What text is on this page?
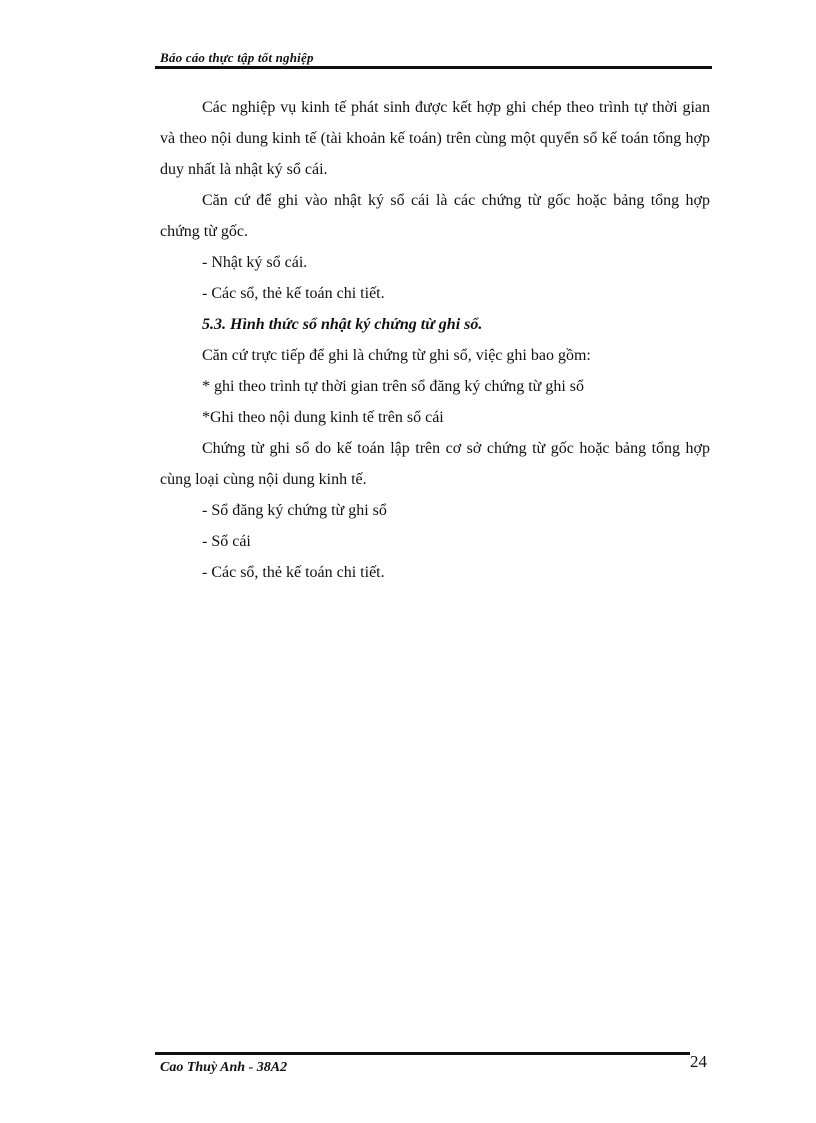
Báo cáo thực tập tốt nghiệp

Các nghiệp vụ kinh tế phát sinh được kết hợp ghi chép theo trình tự thời gian và theo nội dung kinh tế (tài khoản kế toán) trên cùng một quyển sổ kế toán tổng hợp duy nhất là nhật ký sổ cái.

Căn cứ để ghi vào nhật ký sổ cái là các chứng từ gốc hoặc bảng tổng hợp chứng từ gốc.

- Nhật ký sổ cái.

- Các sổ, thẻ kế toán chi tiết.

5.3. Hình thức sổ nhật ký chứng từ ghi sổ.

Căn cứ trực tiếp để ghi là chứng từ ghi sổ, việc ghi bao gồm:

* ghi theo trình tự thời gian trên sổ đăng ký chứng từ ghi sổ

*Ghi theo nội dung kinh tế trên sổ cái

Chứng từ ghi sổ do kế toán lập trên cơ sở chứng từ gốc hoặc bảng tổng hợp cùng loại cùng nội dung kinh tế.

- Sổ đăng ký chứng từ ghi sổ

- Sổ cái

- Các sổ, thẻ kế toán chi tiết.

Cao Thuỳ Anh - 38A2	24
